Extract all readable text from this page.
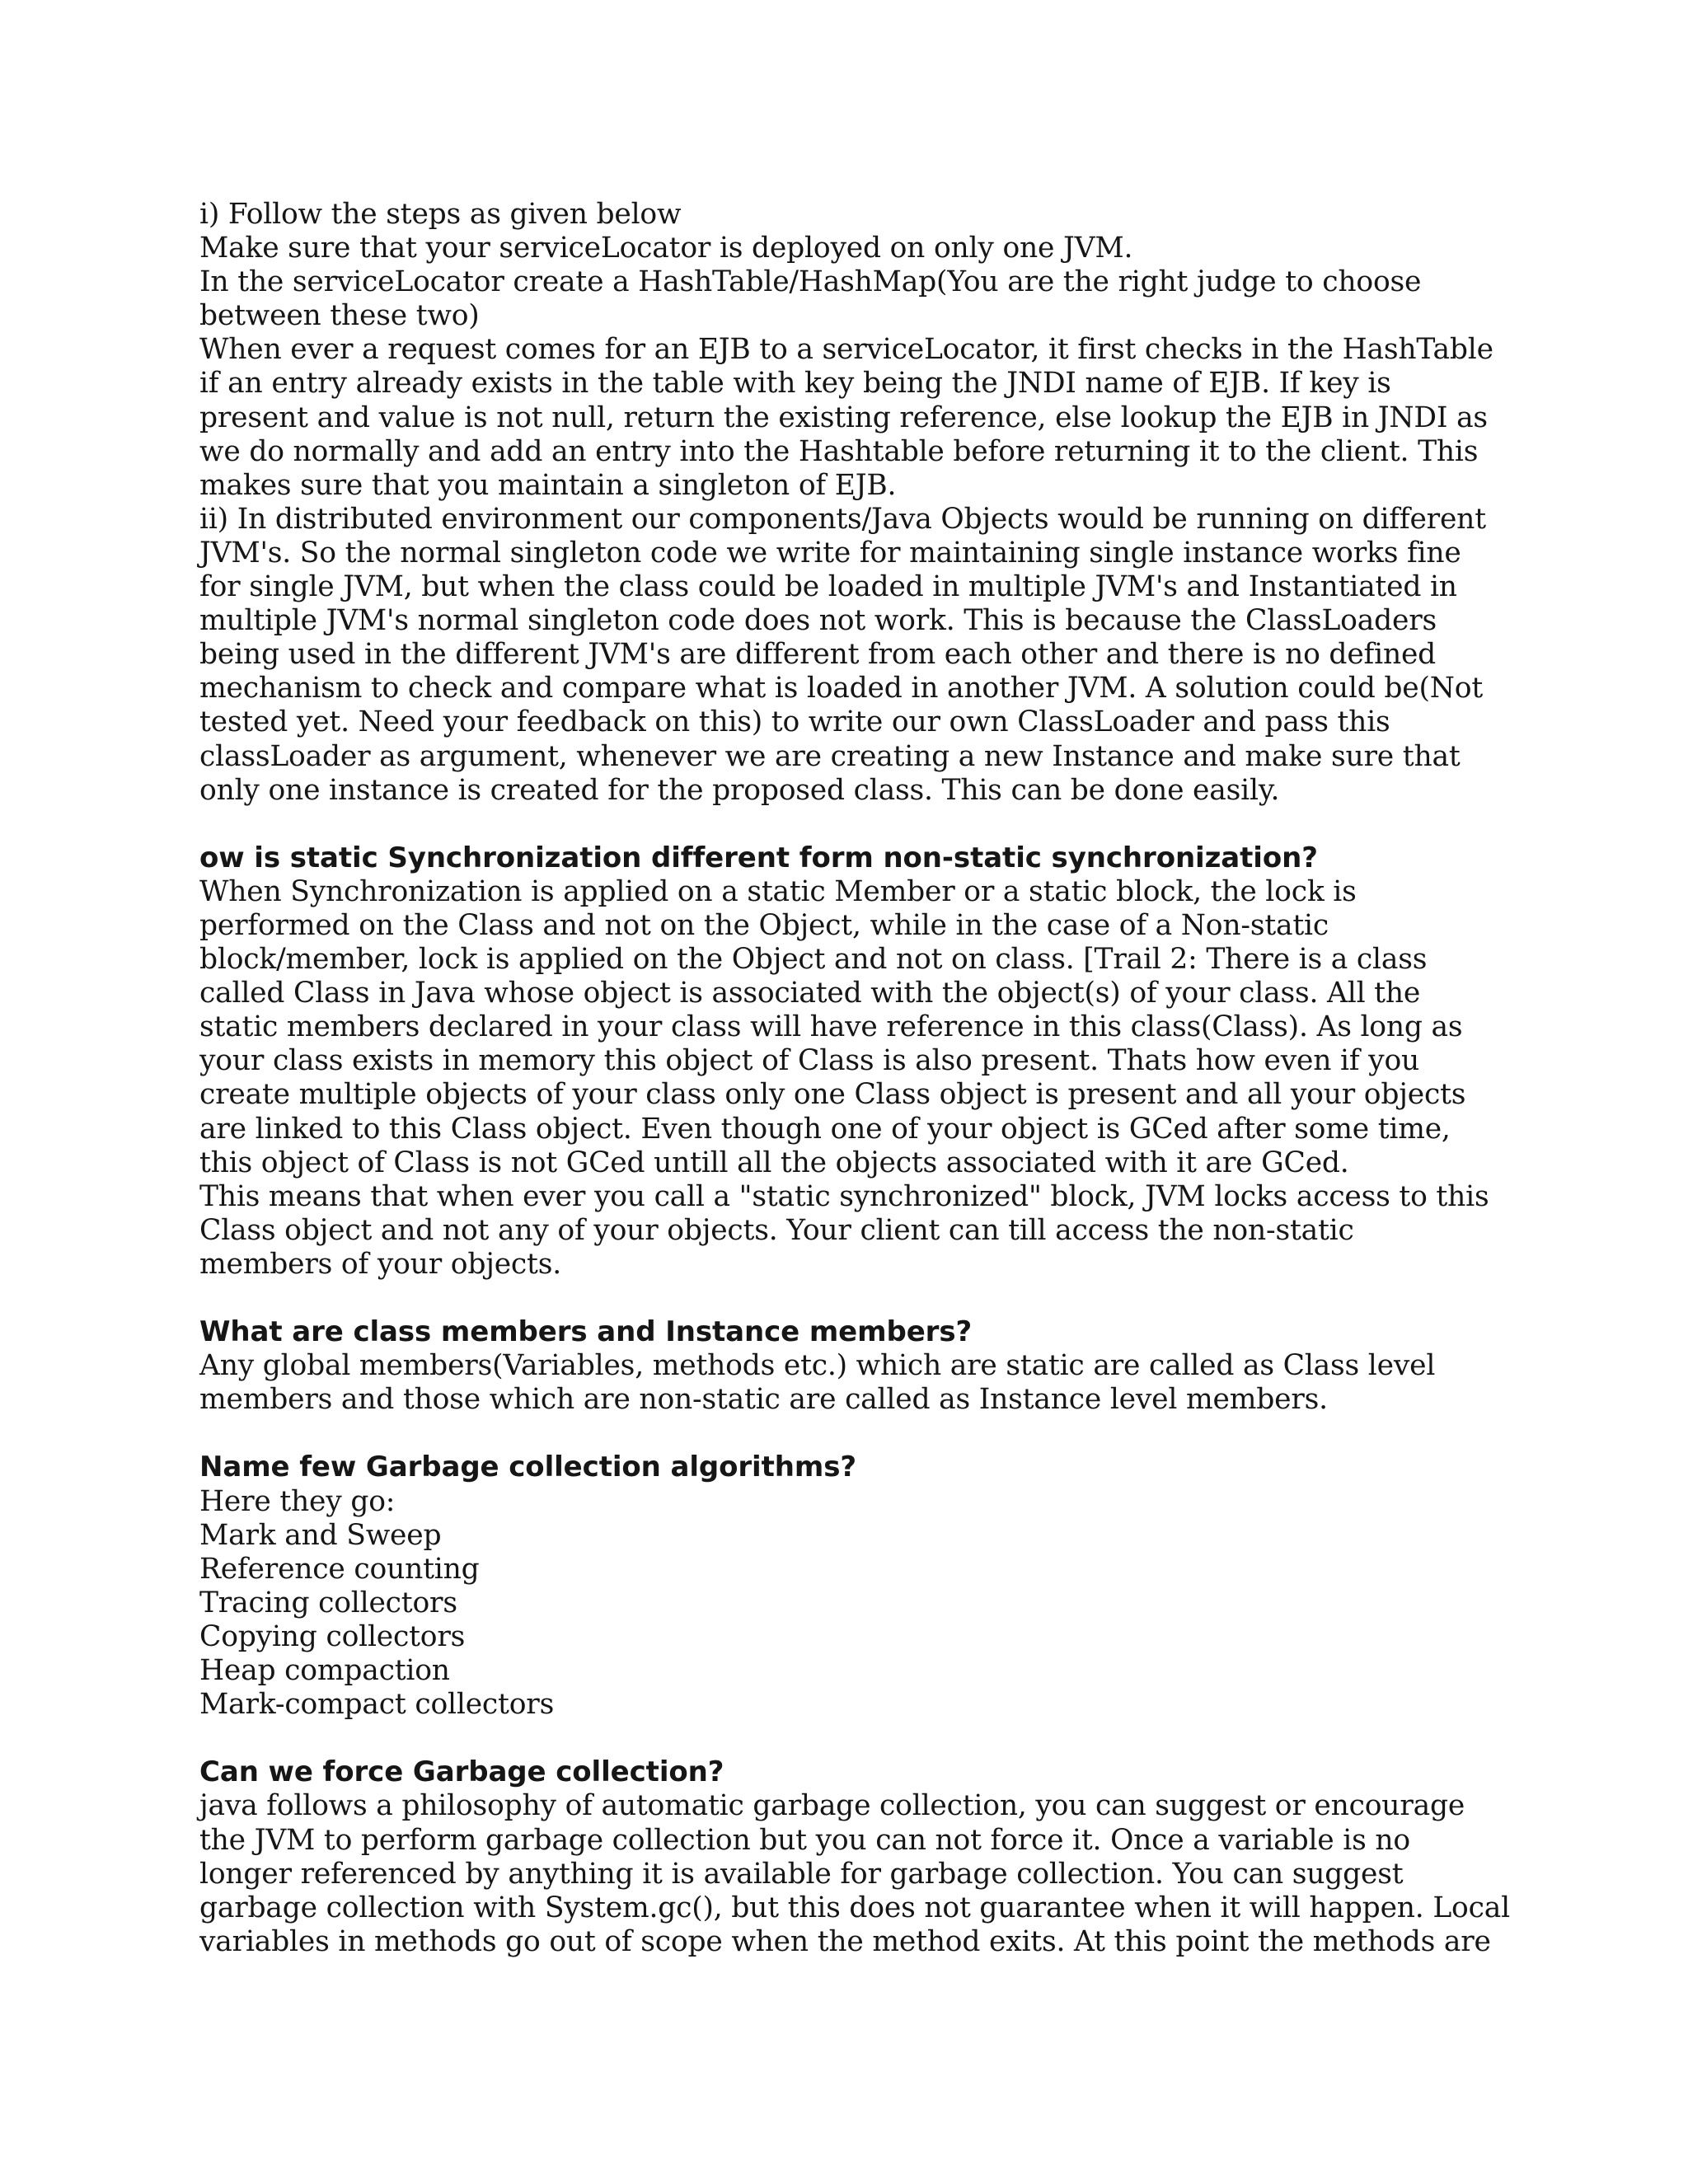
i) Follow the steps as given below
Make sure that your serviceLocator is deployed on only one JVM.
In the serviceLocator create a HashTable/HashMap(You are the right judge to choose
between these two)
When ever a request comes for an EJB to a serviceLocator, it first checks in the HashTable
if an entry already exists in the table with key being the JNDI name of EJB. If key is
present and value is not null, return the existing reference, else lookup the EJB in JNDI as
we do normally and add an entry into the Hashtable before returning it to the client. This
makes sure that you maintain a singleton of EJB.
ii) In distributed environment our components/Java Objects would be running on different
JVM's. So the normal singleton code we write for maintaining single instance works fine
for single JVM, but when the class could be loaded in multiple JVM's and Instantiated in
multiple JVM's normal singleton code does not work. This is because the ClassLoaders
being used in the different JVM's are different from each other and there is no defined
mechanism to check and compare what is loaded in another JVM. A solution could be(Not
tested yet. Need your feedback on this) to write our own ClassLoader and pass this
classLoader as argument, whenever we are creating a new Instance and make sure that
only one instance is created for the proposed class. This can be done easily.
ow is static Synchronization different form non-static synchronization?
When Synchronization is applied on a static Member or a static block, the lock is
performed on the Class and not on the Object, while in the case of a Non-static
block/member, lock is applied on the Object and not on class. [Trail 2: There is a class
called Class in Java whose object is associated with the object(s) of your class. All the
static members declared in your class will have reference in this class(Class). As long as
your class exists in memory this object of Class is also present. Thats how even if you
create multiple objects of your class only one Class object is present and all your objects
are linked to this Class object. Even though one of your object is GCed after some time,
this object of Class is not GCed untill all the objects associated with it are GCed.
This means that when ever you call a "static synchronized" block, JVM locks access to this
Class object and not any of your objects. Your client can till access the non-static
members of your objects.
What are class members and Instance members?
Any global members(Variables, methods etc.) which are static are called as Class level
members and those which are non-static are called as Instance level members.
Name few Garbage collection algorithms?
Here they go:
Mark and Sweep
Reference counting
Tracing collectors
Copying collectors
Heap compaction
Mark-compact collectors
Can we force Garbage collection?
java follows a philosophy of automatic garbage collection, you can suggest or encourage
the JVM to perform garbage collection but you can not force it. Once a variable is no
longer referenced by anything it is available for garbage collection. You can suggest
garbage collection with System.gc(), but this does not guarantee when it will happen. Local
variables in methods go out of scope when the method exits. At this point the methods are
